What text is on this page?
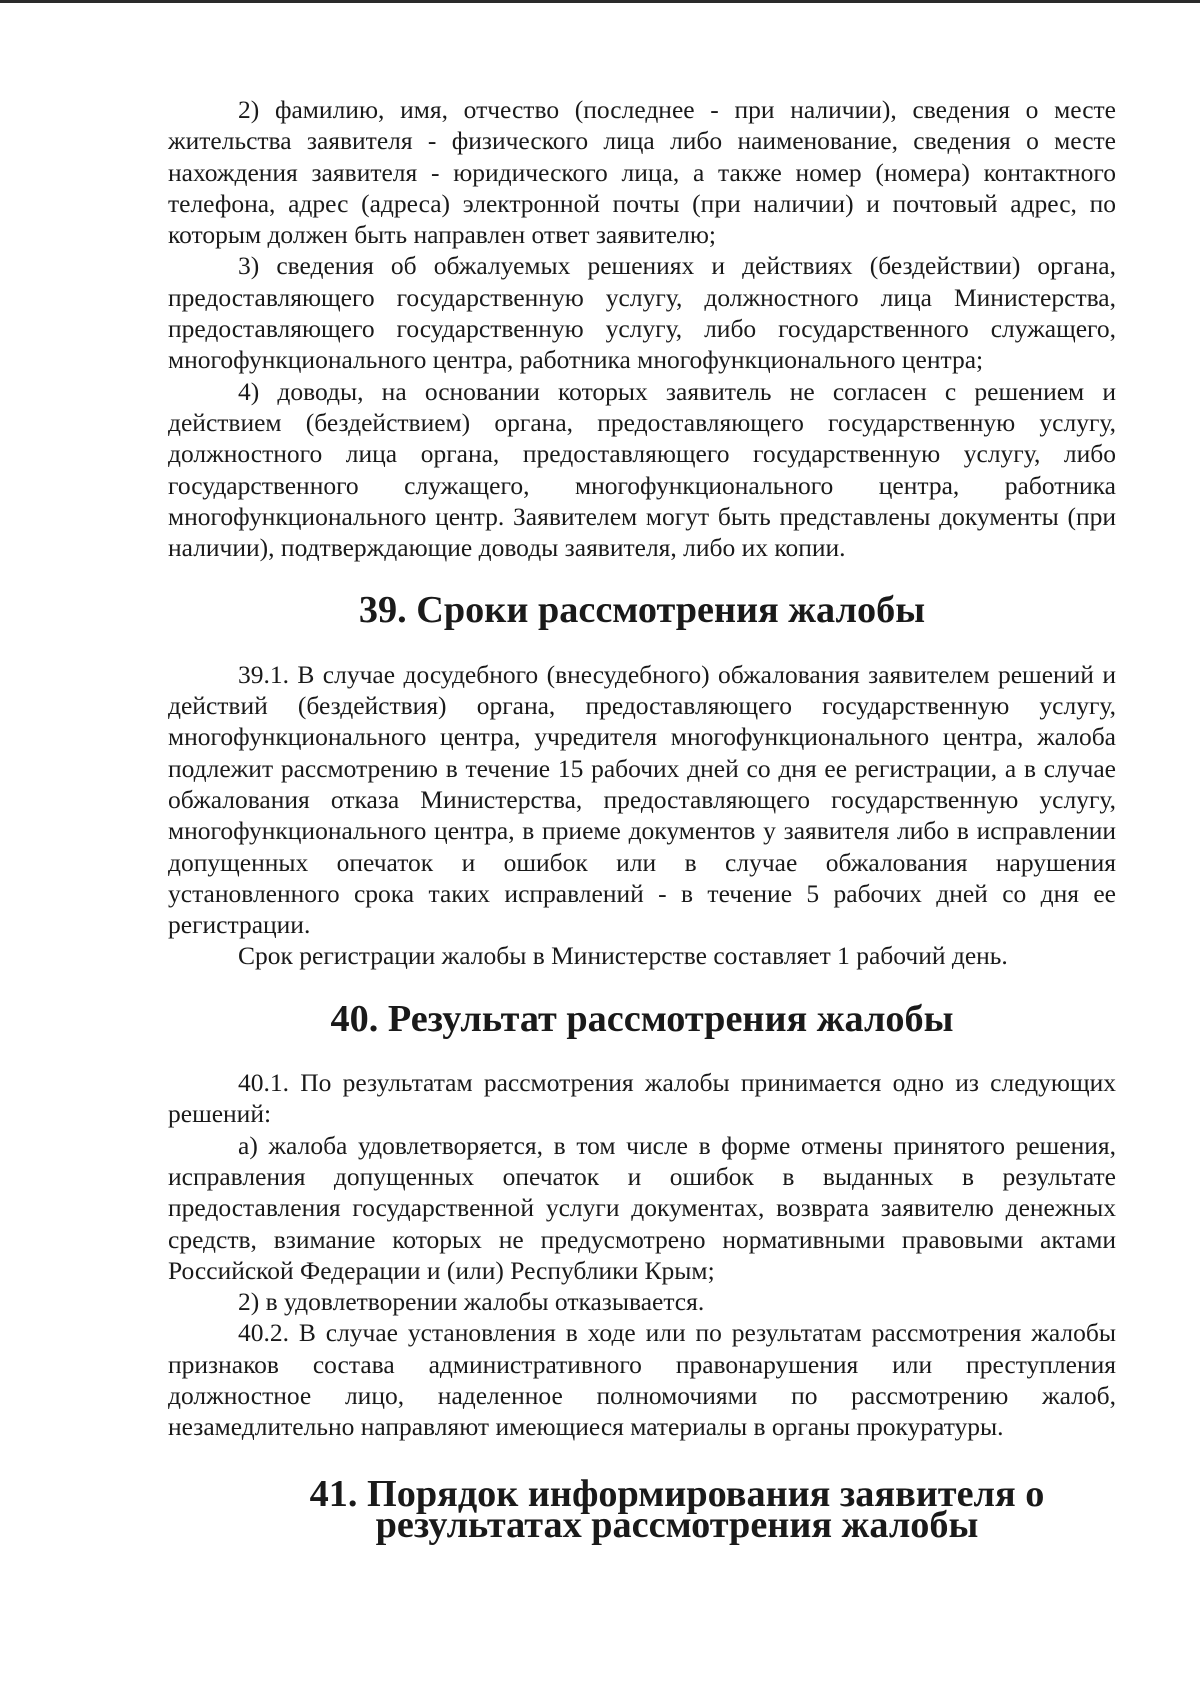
2) фамилию, имя, отчество (последнее - при наличии), сведения о месте жительства заявителя - физического лица либо наименование, сведения о месте нахождения заявителя - юридического лица, а также номер (номера) контактного телефона, адрес (адреса) электронной почты (при наличии) и почтовый адрес, по которым должен быть направлен ответ заявителю;

3) сведения об обжалуемых решениях и действиях (бездействии) органа, предоставляющего государственную услугу, должностного лица Министерства, предоставляющего государственную услугу, либо государственного служащего, многофункционального центра, работника многофункционального центра;

4) доводы, на основании которых заявитель не согласен с решением и действием (бездействием) органа, предоставляющего государственную услугу, должностного лица органа, предоставляющего государственную услугу, либо государственного служащего, многофункционального центра, работника многофункционального центр. Заявителем могут быть представлены документы (при наличии), подтверждающие доводы заявителя, либо их копии.

39. Сроки рассмотрения жалобы

39.1. В случае досудебного (внесудебного) обжалования заявителем решений и действий (бездействия) органа, предоставляющего государственную услугу, многофункционального центра, учредителя многофункционального центра, жалоба подлежит рассмотрению в течение 15 рабочих дней со дня ее регистрации, а в случае обжалования отказа Министерства, предоставляющего государственную услугу, многофункционального центра, в приеме документов у заявителя либо в исправлении допущенных опечаток и ошибок или в случае обжалования нарушения установленного срока таких исправлений - в течение 5 рабочих дней со дня ее регистрации.

Срок регистрации жалобы в Министерстве составляет 1 рабочий день.

40. Результат рассмотрения жалобы

40.1. По результатам рассмотрения жалобы принимается одно из следующих решений:

а) жалоба удовлетворяется, в том числе в форме отмены принятого решения, исправления допущенных опечаток и ошибок в выданных в результате предоставления государственной услуги документах, возврата заявителю денежных средств, взимание которых не предусмотрено нормативными правовыми актами Российской Федерации и (или) Республики Крым;

2) в удовлетворении жалобы отказывается.

40.2. В случае установления в ходе или по результатам рассмотрения жалобы признаков состава административного правонарушения или преступления должностное лицо, наделенное полномочиями по рассмотрению жалоб, незамедлительно направляют имеющиеся материалы в органы прокуратуры.

41. Порядок информирования заявителя о результатах рассмотрения жалобы
